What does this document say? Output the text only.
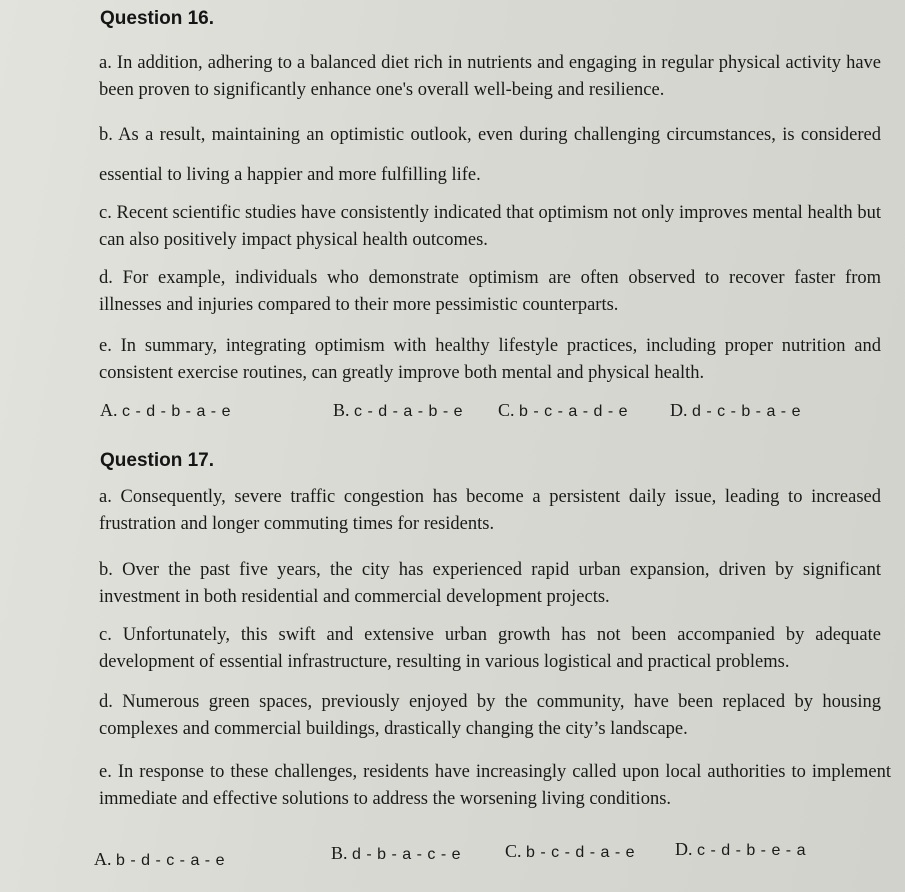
Question 16.
a. In addition, adhering to a balanced diet rich in nutrients and engaging in regular physical activity have been proven to significantly enhance one's overall well-being and resilience.
b. As a result, maintaining an optimistic outlook, even during challenging circumstances, is considered essential to living a happier and more fulfilling life.
c. Recent scientific studies have consistently indicated that optimism not only improves mental health but can also positively impact physical health outcomes.
d. For example, individuals who demonstrate optimism are often observed to recover faster from illnesses and injuries compared to their more pessimistic counterparts.
e. In summary, integrating optimism with healthy lifestyle practices, including proper nutrition and consistent exercise routines, can greatly improve both mental and physical health.
A. c - d - b - a - e	B. c - d - a - b - e C. b - c - a - d - e D. d - c - b - a - e
Question 17.
a. Consequently, severe traffic congestion has become a persistent daily issue, leading to increased frustration and longer commuting times for residents.
b. Over the past five years, the city has experienced rapid urban expansion, driven by significant investment in both residential and commercial development projects.
c. Unfortunately, this swift and extensive urban growth has not been accompanied by adequate development of essential infrastructure, resulting in various logistical and practical problems.
d. Numerous green spaces, previously enjoyed by the community, have been replaced by housing complexes and commercial buildings, drastically changing the city’s landscape.
e. In response to these challenges, residents have increasingly called upon local authorities to implement immediate and effective solutions to address the worsening living conditions.
A. b - d - c - a - e	B. d - b - a - c - e C. b - c - d - a - e D. c - d - b - e - a
